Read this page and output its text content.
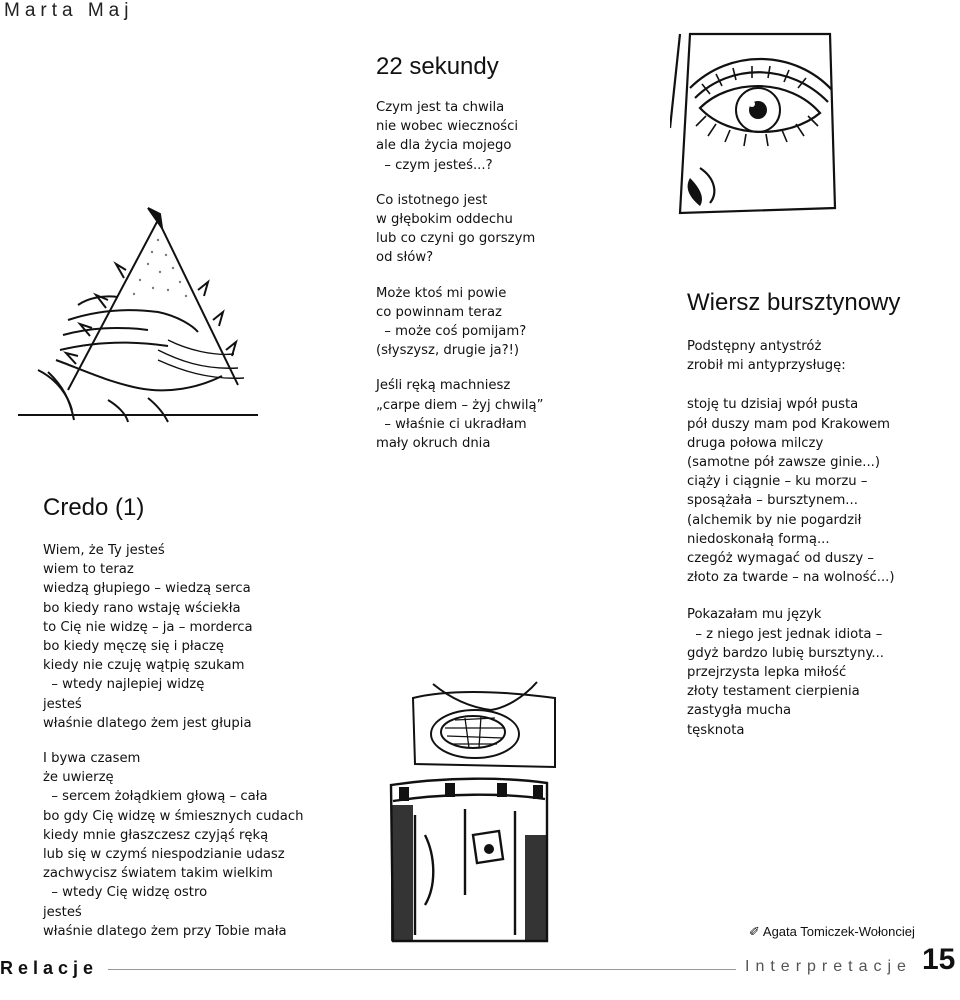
Marta Maj
22 sekundy
Czym jest ta chwila
nie wobec wieczności
ale dla życia mojego
– czym jesteś...?
Co istotnego jest
w głębokim oddechu
lub co czyni go gorszym
od słów?
Może ktoś mi powie
co powinnam teraz
– może coś pomijam?
(słyszysz, drugie ja?!)
Jeśli ręką machniesz
„carpe diem – żyj chwilą”
– właśnie ci ukradłam
mały okruch dnia
Credo (1)
Wiem, że Ty jesteś
wiem to teraz
wiedzą głupiego – wiedzą serca
bo kiedy rano wstaję wściekła
to Cię nie widzę – ja – morderca
bo kiedy męczę się i płaczę
kiedy nie czuję wątpię szukam
– wtedy najlepiej widzę
jesteś
właśnie dlatego żem jest głupia
I bywa czasem
że uwierzę
– sercem żołądkiem głową – cała
bo gdy Cię widzę w śmiesznych cudach
kiedy mnie głaszczesz czyjąś ręką
lub się w czymś niespodzianie udasz
zachwycisz światem takim wielkim
– wtedy Cię widzę ostro
jesteś
właśnie dlatego żem przy Tobie mała
Wiersz bursztynowy
Podstępny antystróż
zrobił mi antyprzysługę:
stoję tu dzisiaj wpół pusta
pół duszy mam pod Krakowem
druga połowa milczy
(samotne pół zawsze ginie...)
ciąży i ciągnie – ku morzu –
sposążała – bursztynem...
(alchemik by nie pogardził
niedoskonałą formą...
czegóż wymagać od duszy –
złoto za twarde – na wolność...)
Pokazałam mu język
– z niego jest jednak idiota –
gdyż bardzo lubię bursztyny...
przejrzysta lepka miłość
złoty testament cierpienia
zastygła mucha
tęsknota
✐ Agata Tomiczek-Wołonciej
Relacje	Interpretacje 15
